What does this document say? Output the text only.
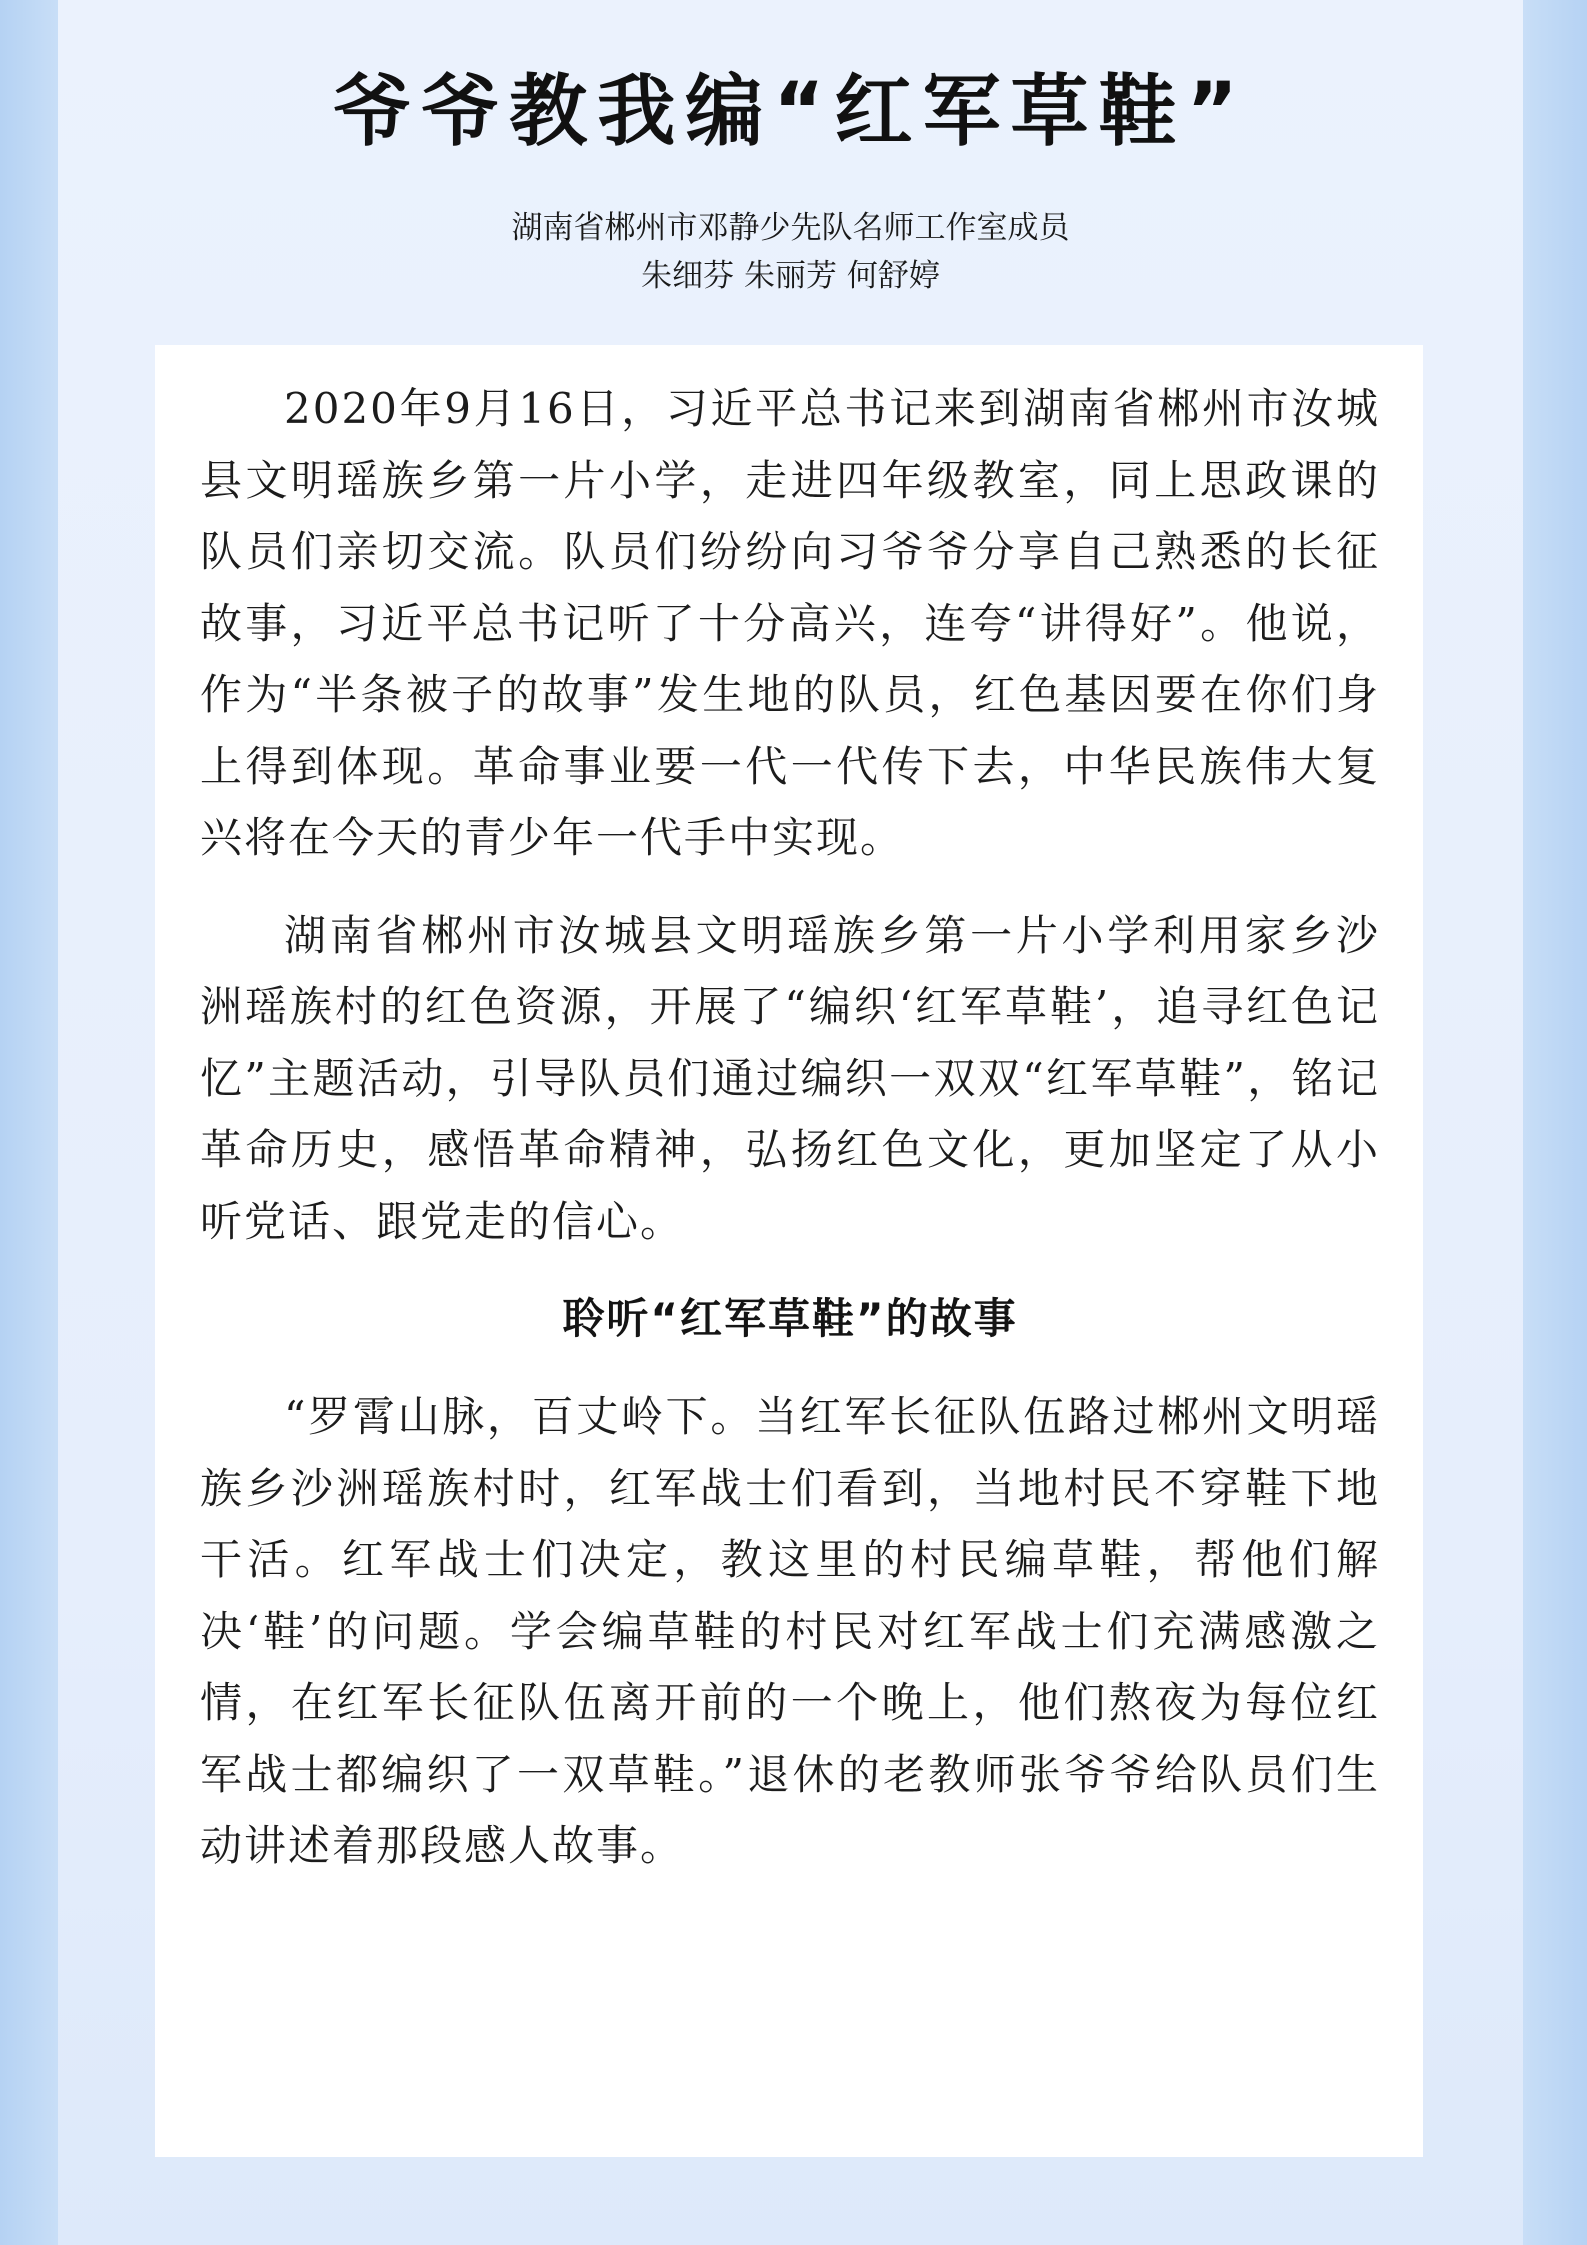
爷爷教我编“红军草鞋”
湖南省郴州市邓静少先队名师工作室成员
朱细芬 朱丽芳 何舒婷

2020年9月16日，习近平总书记来到湖南省郴州市汝城县文明瑶族乡第一片小学，走进四年级教室，同上思政课的队员们亲切交流。队员们纷纷向习爷爷分享自己熟悉的长征故事，习近平总书记听了十分高兴，连夸“讲得好”。他说，作为“半条被子的故事”发生地的队员，红色基因要在你们身上得到体现。革命事业要一代一代传下去，中华民族伟大复兴将在今天的青少年一代手中实现。

湖南省郴州市汝城县文明瑶族乡第一片小学利用家乡沙洲瑶族村的红色资源，开展了“编织‘红军草鞋’，追寻红色记忆”主题活动，引导队员们通过编织一双双“红军草鞋”，铭记革命历史，感悟革命精神，弘扬红色文化，更加坚定了从小听党话、跟党走的信心。

聆听“红军草鞋”的故事

“罗霄山脉，百丈岭下。当红军长征队伍路过郴州文明瑶族乡沙洲瑶族村时，红军战士们看到，当地村民不穿鞋下地干活。红军战士们决定，教这里的村民编草鞋，帮他们解决‘鞋’的问题。学会编草鞋的村民对红军战士们充满感激之情，在红军长征队伍离开前的一个晚上，他们熬夜为每位红军战士都编织了一双草鞋。”退休的老教师张爷爷给队员们生动讲述着那段感人故事。
